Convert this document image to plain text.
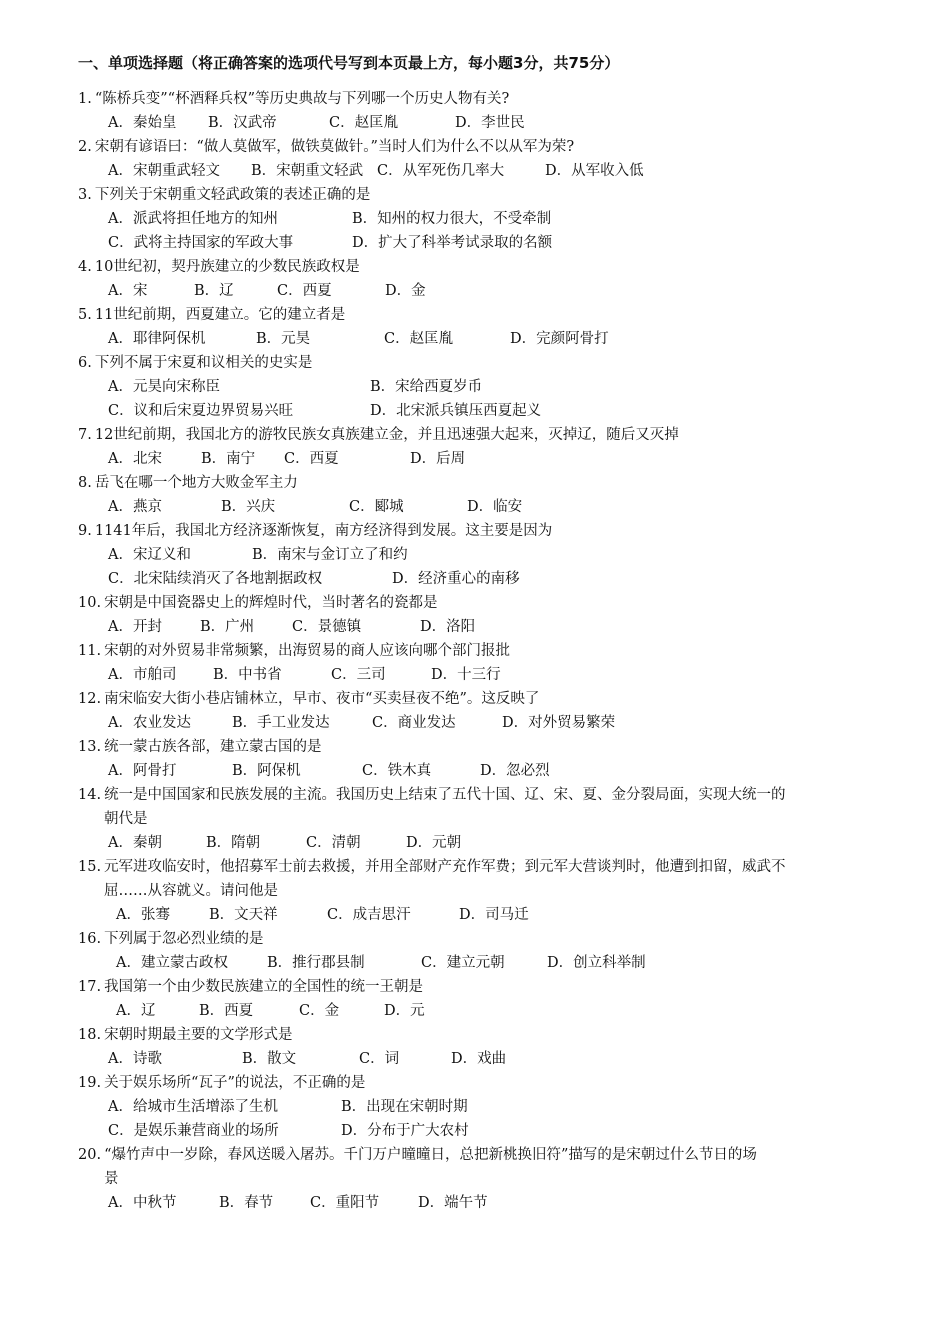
一、单项选择题（将正确答案的选项代号写到本页最上方，每小题3分，共75分）
1. “陈桥兵变”“杯酒释兵权”等历史典故与下列哪一个历史人物有关?
A．秦始皇	B．汉武帝	C．赵匡胤	D．李世民
2. 宋朝有谚语曰：“做人莫做军，做铁莫做针。”当时人们为什么不以从军为荣?
A．宋朝重武轻文	B．宋朝重文轻武 C．从军死伤几率大	D．从军收入低
3. 下列关于宋朝重文轻武政策的表述正确的是
A．派武将担任地方的知州	B．知州的权力很大，不受牵制
C．武将主持国家的军政大事	D．扩大了科举考试录取的名额
4. 10世纪初，契丹族建立的少数民族政权是
A．宋	B．辽	C．西夏	D．金
5. 11世纪前期，西夏建立。它的建立者是
A．耶律阿保机	B．元昊	C．赵匡胤	D．完颜阿骨打
6. 下列不属于宋夏和议相关的史实是
A．元昊向宋称臣	B．宋给西夏岁币
C．议和后宋夏边界贸易兴旺	D．北宋派兵镇压西夏起义
7. 12世纪前期，我国北方的游牧民族女真族建立金，并且迅速强大起来，灭掉辽，随后又灭掉
A．北宋	B．南宁	C．西夏	D．后周
8. 岳飞在哪一个地方大败金军主力
A．燕京	B．兴庆	C．郾城	D．临安
9. 1141年后，我国北方经济逐渐恢复，南方经济得到发展。这主要是因为
A．宋辽义和	B．南宋与金订立了和约
C．北宋陆续消灭了各地割据政权	D．经济重心的南移
10. 宋朝是中国瓷器史上的辉煌时代，当时著名的瓷都是
A．开封	B．广州	C．景德镇	D．洛阳
11. 宋朝的对外贸易非常频繁，出海贸易的商人应该向哪个部门报批
A．市舶司	B．中书省	C．三司	D．十三行
12. 南宋临安大街小巷店铺林立，早市、夜市“买卖昼夜不绝”。这反映了
A．农业发达	B．手工业发达	C．商业发达	D．对外贸易繁荣
13. 统一蒙古族各部，建立蒙古国的是
A．阿骨打	B．阿保机	C．铁木真	D．忽必烈
14. 统一是中国国家和民族发展的主流。我国历史上结束了五代十国、辽、宋、夏、金分裂局面，实现大统一的
朝代是
A．秦朝	B．隋朝	C．清朝	D．元朝
15. 元军进攻临安时，他招募军士前去救援，并用全部财产充作军费；到元军大营谈判时，他遭到扣留，威武不
屈……从容就义。请问他是
A．张骞	B．文天祥	C．成吉思汗	D．司马迁
16. 下列属于忽必烈业绩的是
A．建立蒙古政权	B．推行郡县制	C．建立元朝	D．创立科举制
17. 我国第一个由少数民族建立的全国性的统一王朝是
A．辽	B．西夏	C．金	D．元
18. 宋朝时期最主要的文学形式是
A．诗歌	B．散文	C．词	D．戏曲
19. 关于娱乐场所“瓦子”的说法，不正确的是
A．给城市生活增添了生机	B．出现在宋朝时期
C．是娱乐兼营商业的场所	D．分布于广大农村
20. “爆竹声中一岁除，春风送暖入屠苏。千门万户曈曈日，总把新桃换旧符”描写的是宋朝过什么节日的场
景
A．中秋节	B．春节	C．重阳节	D．端午节
